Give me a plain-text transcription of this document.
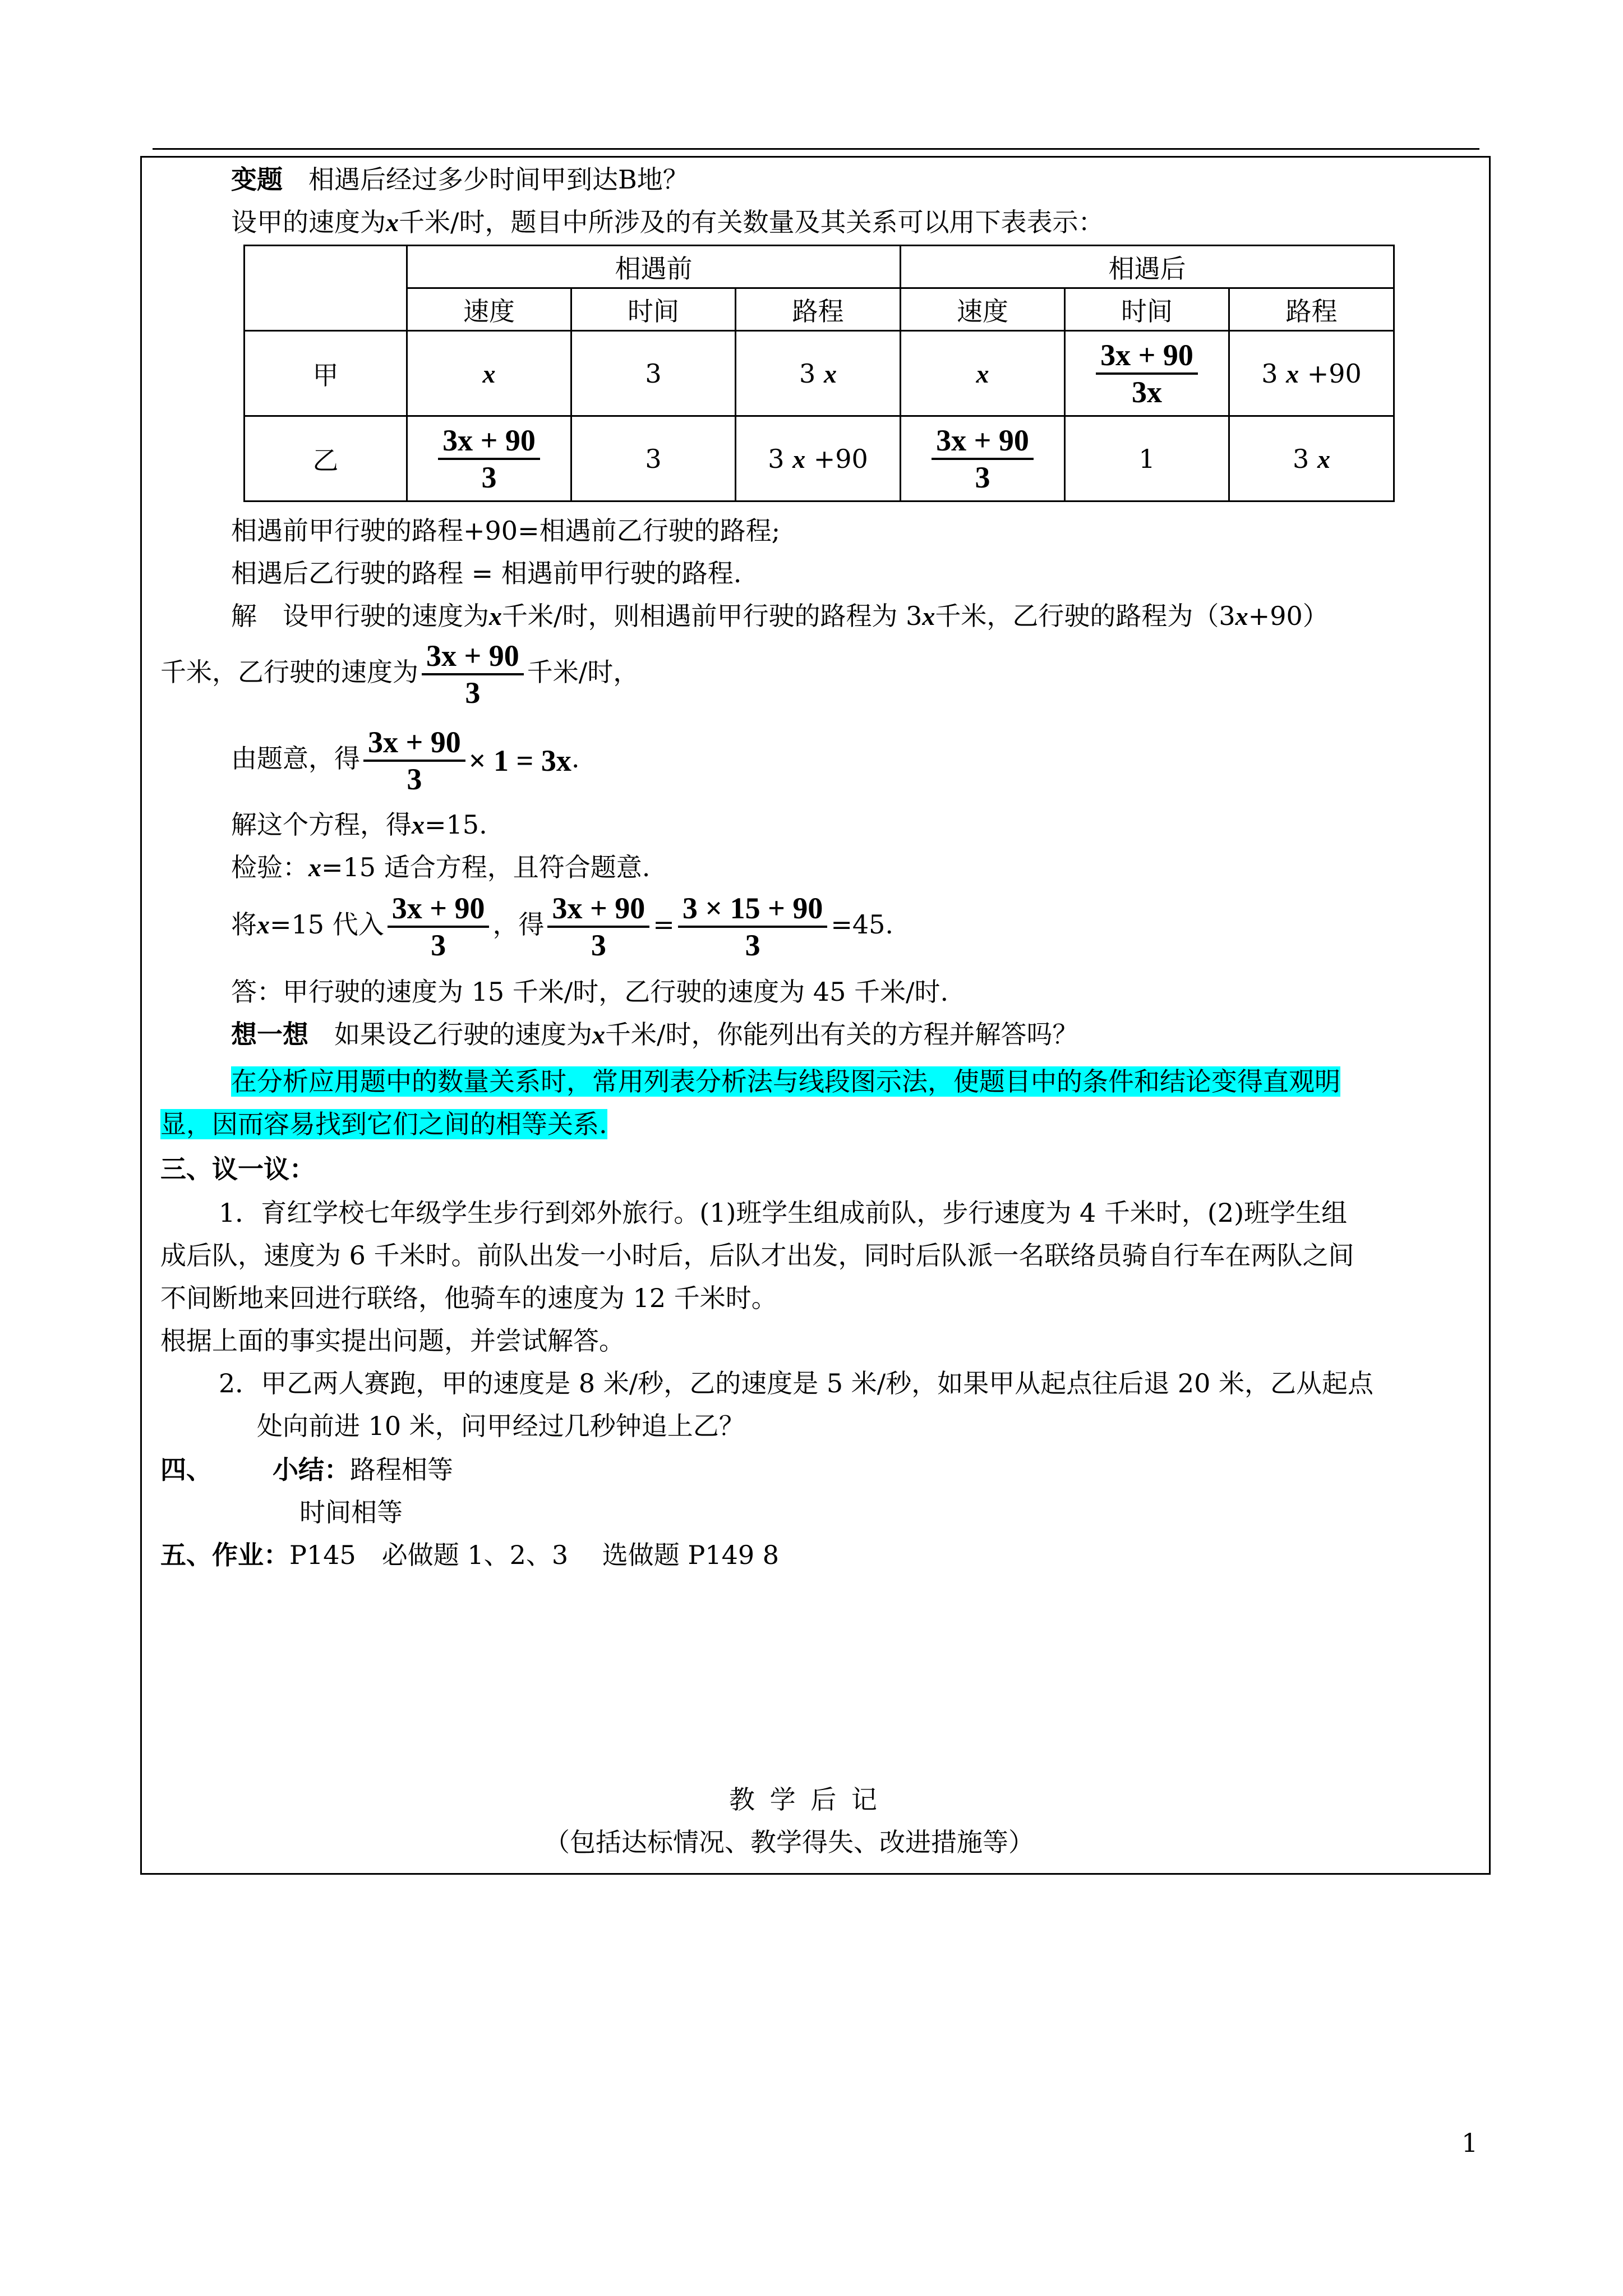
变题　 相遇后经过多少时间甲到达B地？
设甲的速度为x千米/时，题目中所涉及的有关数量及其关系可以用下表表示：
	相遇前			相遇后		
	速度	时间	路程	速度	时间	路程
甲	x	3	3 x	x	$\frac{3x + 90}{3x}$	3 x +90
乙	$\frac{3x + 90}{3}$	3	3 x +90	$\frac{3x + 90}{3}$	1	3 x
相遇前甲行驶的路程+90=相遇前乙行驶的路程;
相遇后乙行驶的路程 = 相遇前甲行驶的路程.
解　设甲行驶的速度为x千米/时，则相遇前甲行驶的路程为 3x千米，乙行驶的路程为（3x+90）
千米，乙行驶的速度为 $\frac{3x + 90}{3}$ 千米/时，
由题意，得 $\frac{3x + 90}{3} \times 1 = 3x$.
解这个方程，得x=15.
检验：x=15 适合方程，且符合题意.
将x=15 代入 $\frac{3x + 90}{3}$ ，得 $\frac{3x + 90}{3} = \frac{3 \times 15 + 90}{3} =45$.
答：甲行驶的速度为 15 千米/时，乙行驶的速度为 45 千米/时.
想一想　 如果设乙行驶的速度为x千米/时，你能列出有关的方程并解答吗？
在分析应用题中的数量关系时，常用列表分析法与线段图示法，使题目中的条件和结论变得直观明
显，因而容易找到它们之间的相等关系.
三、议一议：
1．育红学校七年级学生步行到郊外旅行。(1)班学生组成前队，步行速度为 4 千米时，(2)班学生组
成后队，速度为 6 千米时。前队出发一小时后，后队才出发，同时后队派一名联络员骑自行车在两队之间
不间断地来回进行联络，他骑车的速度为 12 千米时。
根据上面的事实提出问题，并尝试解答。
2．甲乙两人赛跑，甲的速度是 8 米/秒，乙的速度是 5 米/秒，如果甲从起点往后退 20 米，乙从起点
处向前进 10 米，问甲经过几秒钟追上乙？
四、 小结：路程相等
时间相等
五、作业：P145　必做题 1、2、3　 选做题 P149 8
教 学 后 记
（包括达标情况、教学得失、改进措施等）
1
